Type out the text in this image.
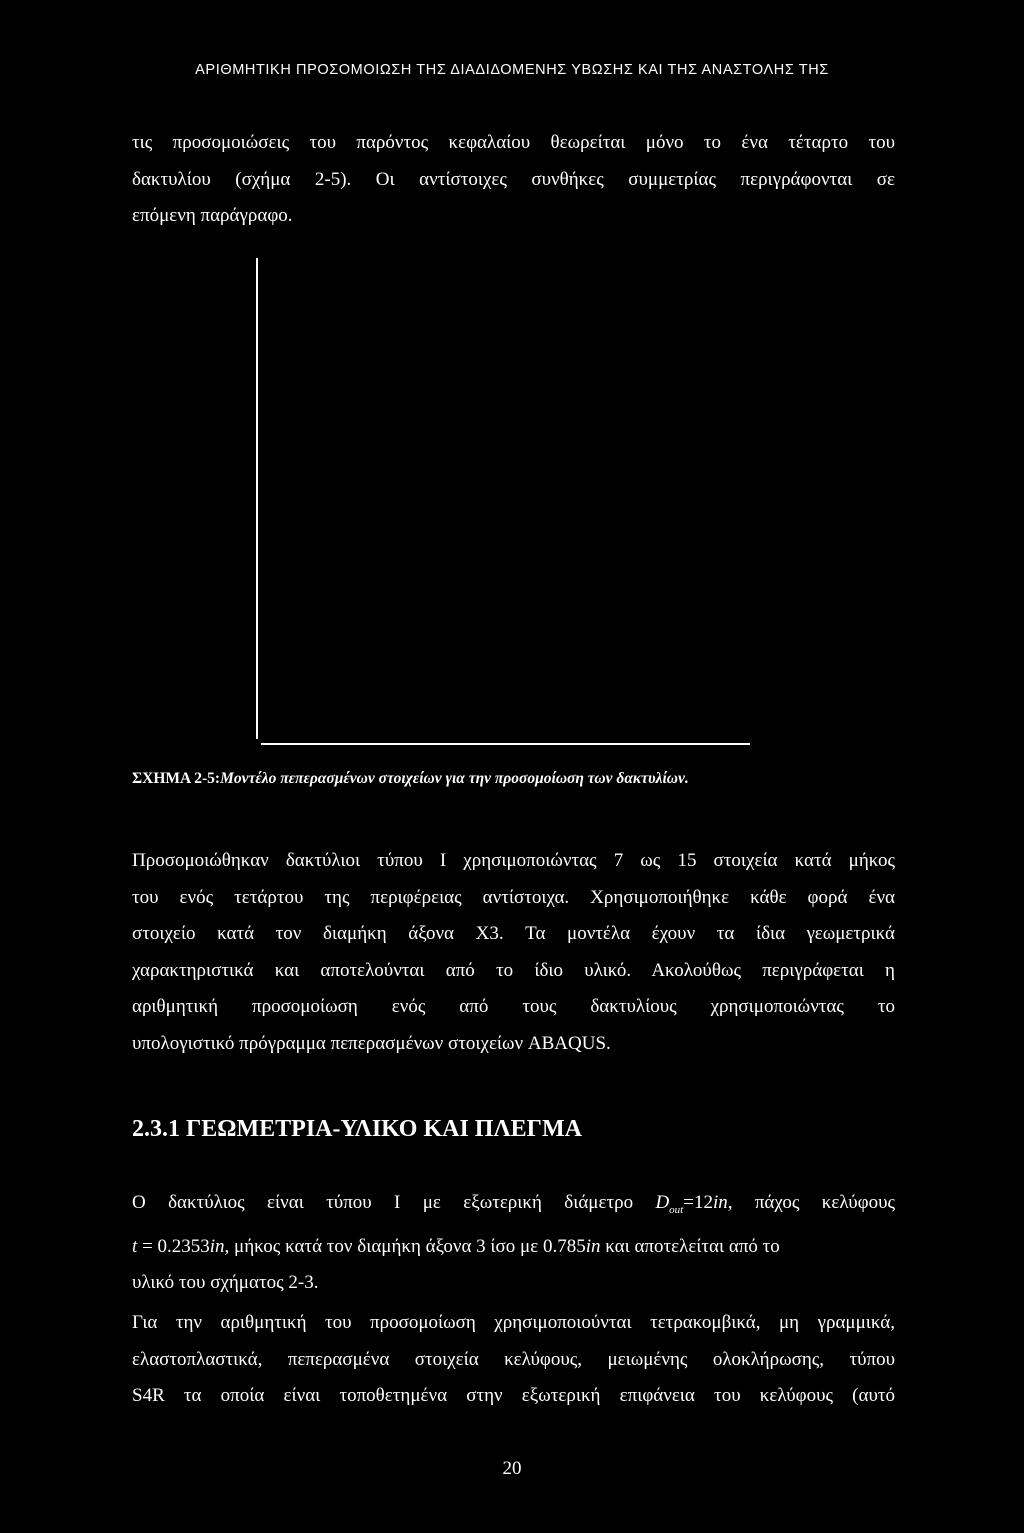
ΑΡΙΘΜΗΤΙΚΗ ΠΡΟΣΟΜΟΙΩΣΗ ΤΗΣ ΔΙΑΔΙΔΟΜΕΝΗΣ ΥΒΩΣΗΣ ΚΑΙ ΤΗΣ ΑΝΑΣΤΟΛΗΣ ΤΗΣ
τις προσομοιώσεις του παρόντος κεφαλαίου θεωρείται μόνο το ένα τέταρτο του
δακτυλίου (σχήμα 2-5). Οι αντίστοιχες συνθήκες συμμετρίας περιγράφονται σε
επόμενη παράγραφο.
ΣΧΗΜΑ 2-5:Μοντέλο πεπερασμένων στοιχείων για την προσομοίωση των δακτυλίων.
Προσομοιώθηκαν δακτύλιοι τύπου Ι χρησιμοποιώντας 7 ως 15 στοιχεία κατά μήκος
του ενός τετάρτου της περιφέρειας αντίστοιχα. Χρησιμοποιήθηκε κάθε φορά ένα
στοιχείο κατά τον διαμήκη άξονα X3. Τα μοντέλα έχουν τα ίδια γεωμετρικά
χαρακτηριστικά και αποτελούνται από το ίδιο υλικό. Ακολούθως περιγράφεται η
αριθμητική προσομοίωση ενός από τους δακτυλίους χρησιμοποιώντας το
υπολογιστικό πρόγραμμα πεπερασμένων στοιχείων ABAQUS.
2.3.1 ΓΕΩΜΕΤΡΙΑ-ΥΛΙΚΟ ΚΑΙ ΠΛΕΓΜΑ
Ο δακτύλιος είναι τύπου Ι με εξωτερική διάμετρο $D_{out}=12in$, πάχος κελύφους
t = 0.2353in, μήκος κατά τον διαμήκη άξονα 3 ίσο με 0.785in και αποτελείται από το
υλικό του σχήματος 2-3.
Για την αριθμητική του προσομοίωση χρησιμοποιούνται τετρακομβικά, μη γραμμικά,
ελαστοπλαστικά, πεπερασμένα στοιχεία κελύφους, μειωμένης ολοκλήρωσης, τύπου
S4R τα οποία είναι τοποθετημένα στην εξωτερική επιφάνεια του κελύφους (αυτό
20
